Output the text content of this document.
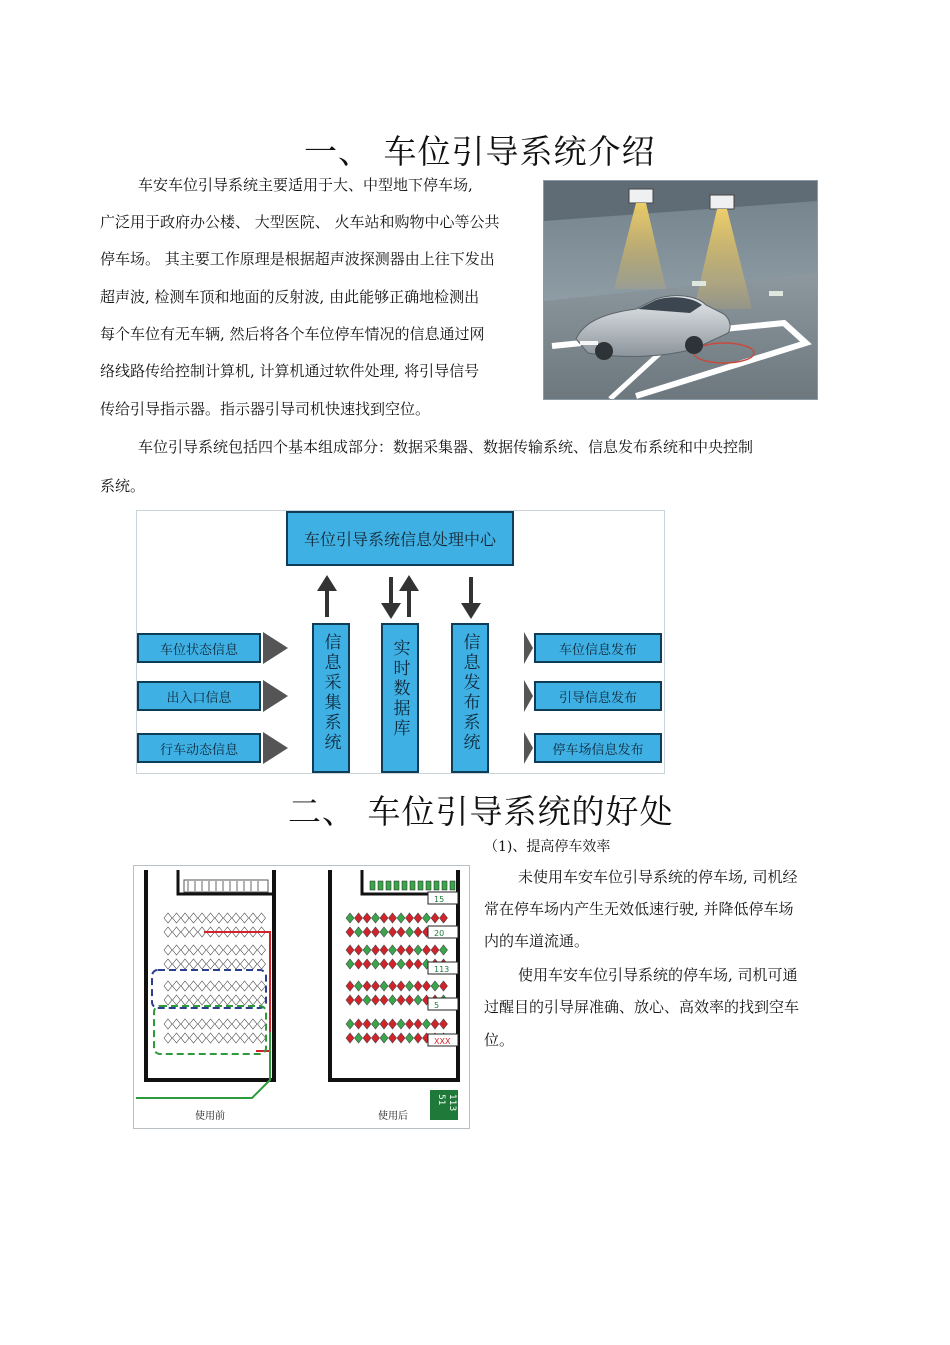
一、 车位引导系统介绍
车安车位引导系统主要适用于大、中型地下停车场,
广泛用于政府办公楼、 大型医院、 火车站和购物中心等公共
停车场。 其主要工作原理是根据超声波探测器由上往下发出
超声波, 检测车顶和地面的反射波, 由此能够正确地检测出
每个车位有无车辆, 然后将各个车位停车情况的信息通过网
络线路传给控制计算机, 计算机通过软件处理, 将引导信号
传给引导指示器。指示器引导司机快速找到空位。
车位引导系统包括四个基本组成部分：数据采集器、数据传输系统、信息发布系统和中央控制
系统。
车位引导系统信息处理中心
车位状态信息
出入口信息
行车动态信息	信息采集系统	实时数据库	信息发布系统	车位信息发布
引导信息发布
停车场信息发布
二、 车位引导系统的好处
（1)、提高停车效率
未使用车安车位引导系统的停车场, 司机经
常在停车场内产生无效低速行驶, 并降低停车场
内的车道流通。
使用车安车位引导系统的停车场, 司机可通
过醒目的引导屏准确、放心、高效率的找到空车
位。
使用前
15
20
113
5
XXX
使用后
113
51
